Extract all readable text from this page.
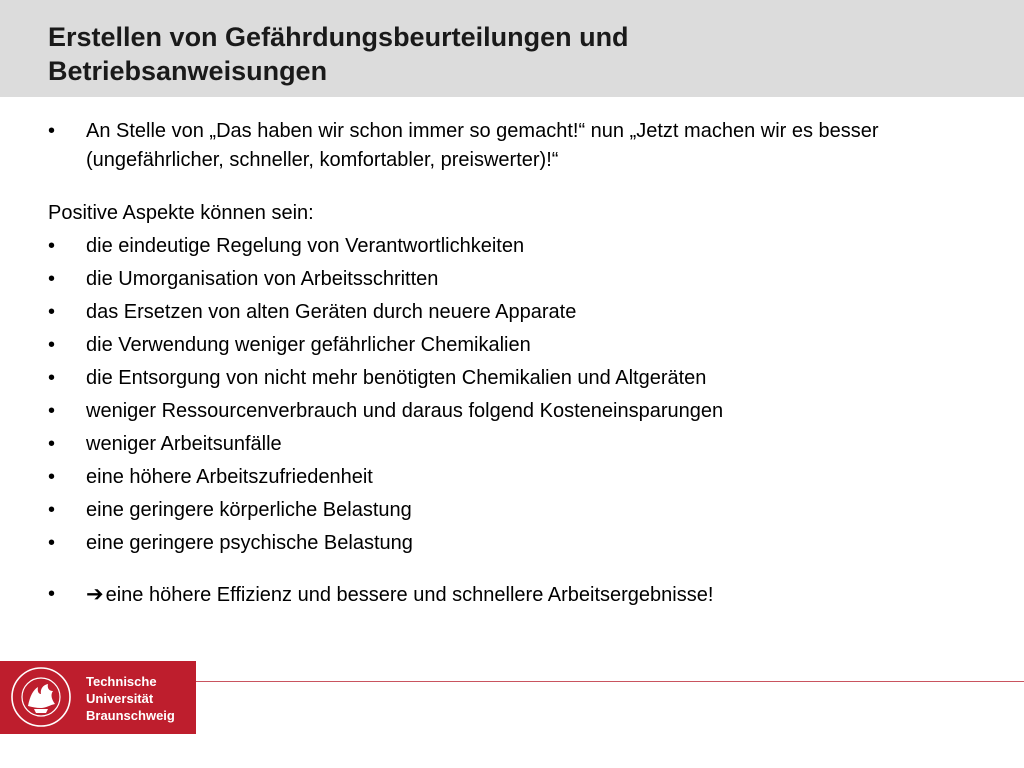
Erstellen von Gefährdungsbeurteilungen und
Betriebsanweisungen
•	An Stelle von „Das haben wir schon immer so gemacht!“ nun „Jetzt machen wir es besser (ungefährlicher, schneller, komfortabler, preiswerter)!“
Positive Aspekte können sein:
•	die eindeutige Regelung von Verantwortlichkeiten
•	die Umorganisation von Arbeitsschritten
•	das Ersetzen von alten Geräten durch neuere Apparate
•	die Verwendung weniger gefährlicher Chemikalien
•	die Entsorgung von nicht mehr benötigten Chemikalien und Altgeräten
•	weniger Ressourcenverbrauch und daraus folgend Kosteneinsparungen
•	weniger Arbeitsunfälle
•	eine höhere Arbeitszufriedenheit
•	eine geringere körperliche Belastung
•	eine geringere psychische Belastung
•	➔ eine höhere Effizienz und bessere und schnellere Arbeitsergebnisse!
Technische
Universität
Braunschweig
